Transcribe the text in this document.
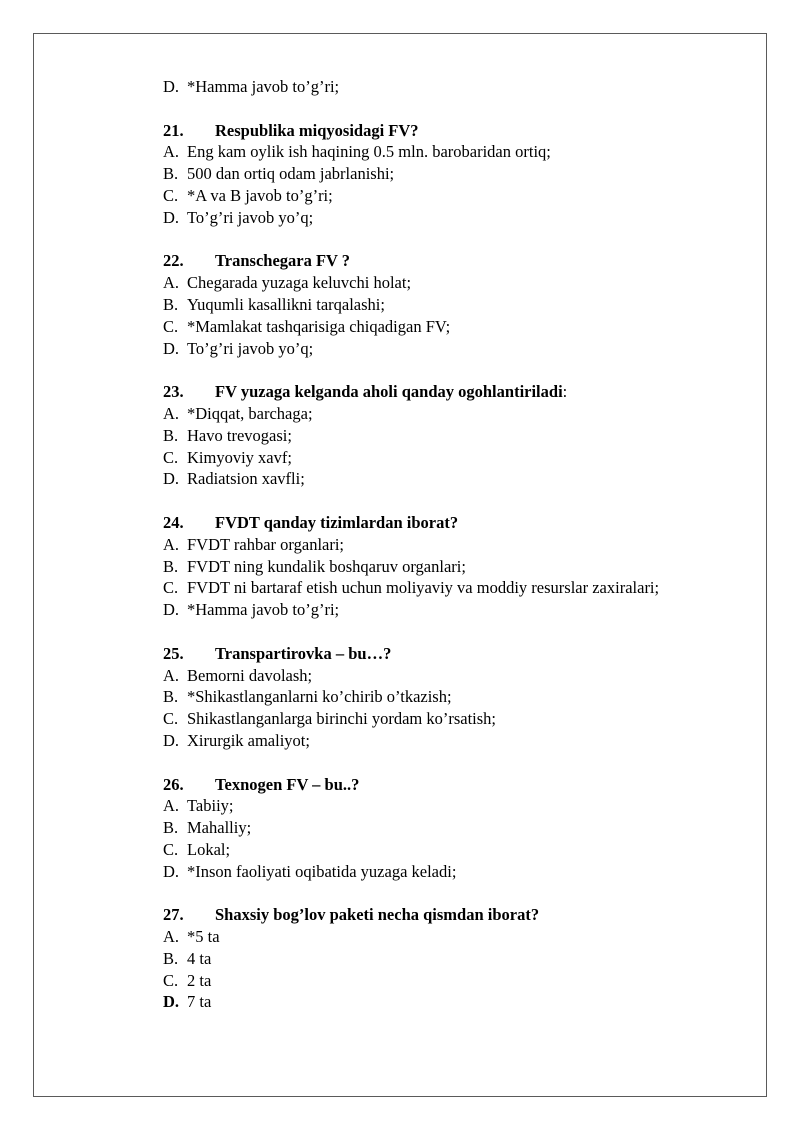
D. *Hamma javob to’g’ri;
21. Respublika miqyosidagi FV?
A. Eng kam oylik ish haqining 0.5 mln. barobaridan ortiq;
B. 500 dan ortiq odam jabrlanishi;
C. *A va B javob to’g’ri;
D. To’g’ri javob yo’q;
22. Transchegara FV ?
A. Chegarada yuzaga keluvchi holat;
B. Yuqumli kasallikni tarqalashi;
C. *Mamlakat tashqarisiga chiqadigan FV;
D. To’g’ri javob yo’q;
23. FV yuzaga kelganda aholi qanday ogohlantiriladi:
A. *Diqqat, barchaga;
B. Havo trevogasi;
C. Kimyoviy xavf;
D. Radiatsion xavfli;
24. FVDT qanday tizimlardan iborat?
A. FVDT rahbar organlari;
B. FVDT ning kundalik boshqaruv organlari;
C. FVDT ni bartaraf etish uchun moliyaviy va moddiy resurslar zaxiralari;
D. *Hamma javob to’g’ri;
25. Transpartirovka – bu…?
A. Bemorni davolash;
B. *Shikastlanganlarni ko’chirib o’tkazish;
C. Shikastlanganlarga birinchi yordam ko’rsatish;
D. Xirurgik amaliyot;
26. Texnogen FV – bu..?
A. Tabiiy;
B. Mahalliy;
C. Lokal;
D. *Inson faoliyati oqibatida yuzaga keladi;
27. Shaxsiy bog’lov paketi necha qismdan iborat?
A. *5 ta
B. 4 ta
C. 2 ta
D. 7 ta
